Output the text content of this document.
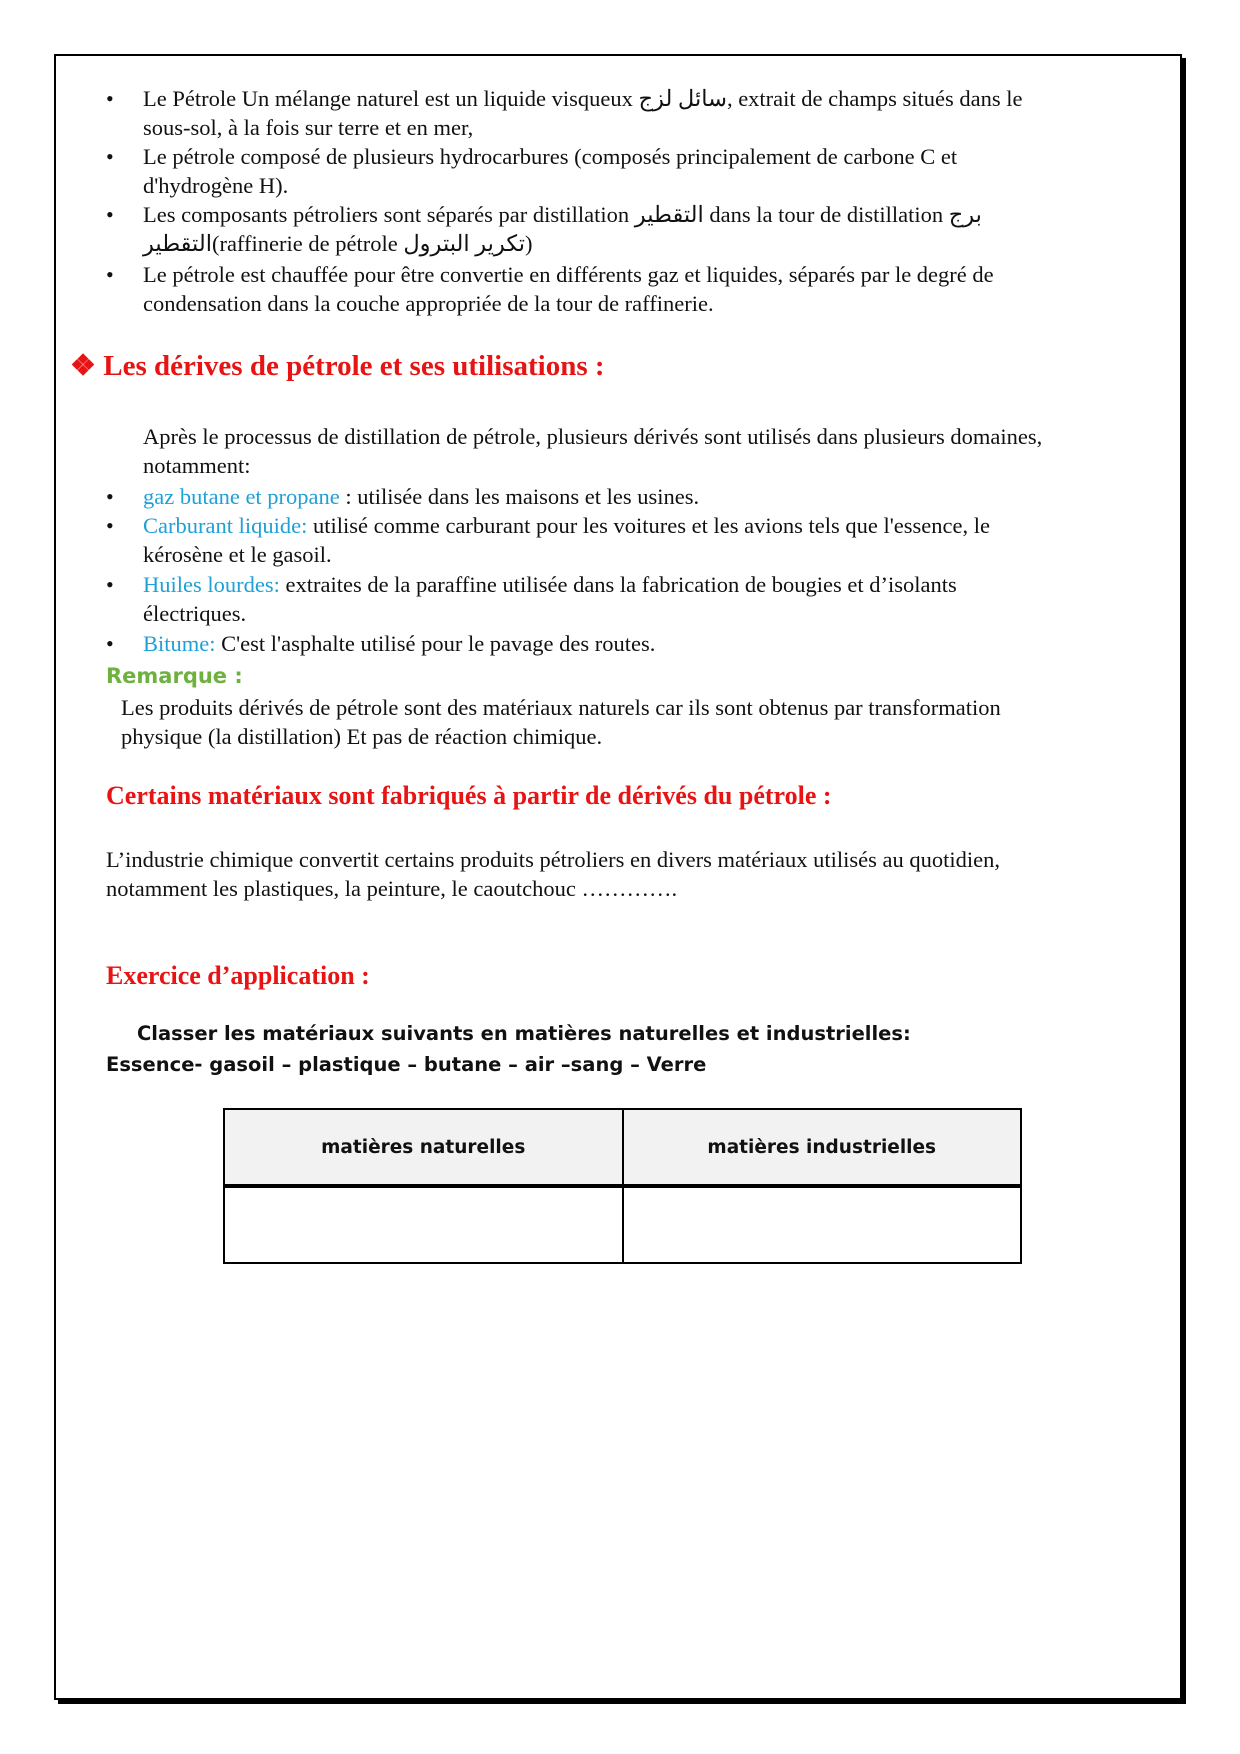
• Le Pétrole Un mélange naturel est un liquide visqueux سائل لزج, extrait de champs situés dans le
sous-sol, à la fois sur terre et en mer,
• Le pétrole composé de plusieurs hydrocarbures (composés principalement de carbone C et
d'hydrogène H).
• Les composants pétroliers sont séparés par distillation التقطير dans la tour de distillation برج
التقطير(raffinerie de pétrole تكرير البترول)
• Le pétrole est chauffée pour être convertie en différents gaz et liquides, séparés par le degré de
condensation dans la couche appropriée de la tour de raffinerie.
❖ Les dérives de pétrole et ses utilisations :
Après le processus de distillation de pétrole, plusieurs dérivés sont utilisés dans plusieurs domaines,
notamment:
• gaz butane et propane : utilisée dans les maisons et les usines.
• Carburant liquide: utilisé comme carburant pour les voitures et les avions tels que l'essence, le
kérosène et le gasoil.
• Huiles lourdes: extraites de la paraffine utilisée dans la fabrication de bougies et d’isolants
électriques.
• Bitume: C'est l'asphalte utilisé pour le pavage des routes.
Remarque :
Les produits dérivés de pétrole sont des matériaux naturels car ils sont obtenus par transformation
physique (la distillation) Et pas de réaction chimique.
Certains matériaux sont fabriqués à partir de dérivés du pétrole :
L’industrie chimique convertit certains produits pétroliers en divers matériaux utilisés au quotidien,
notamment les plastiques, la peinture, le caoutchouc ………….
Exercice d’application :
Classer les matériaux suivants en matières naturelles et industrielles:
Essence- gasoil – plastique – butane – air –sang – Verre
matières naturelles	matières industrielles
